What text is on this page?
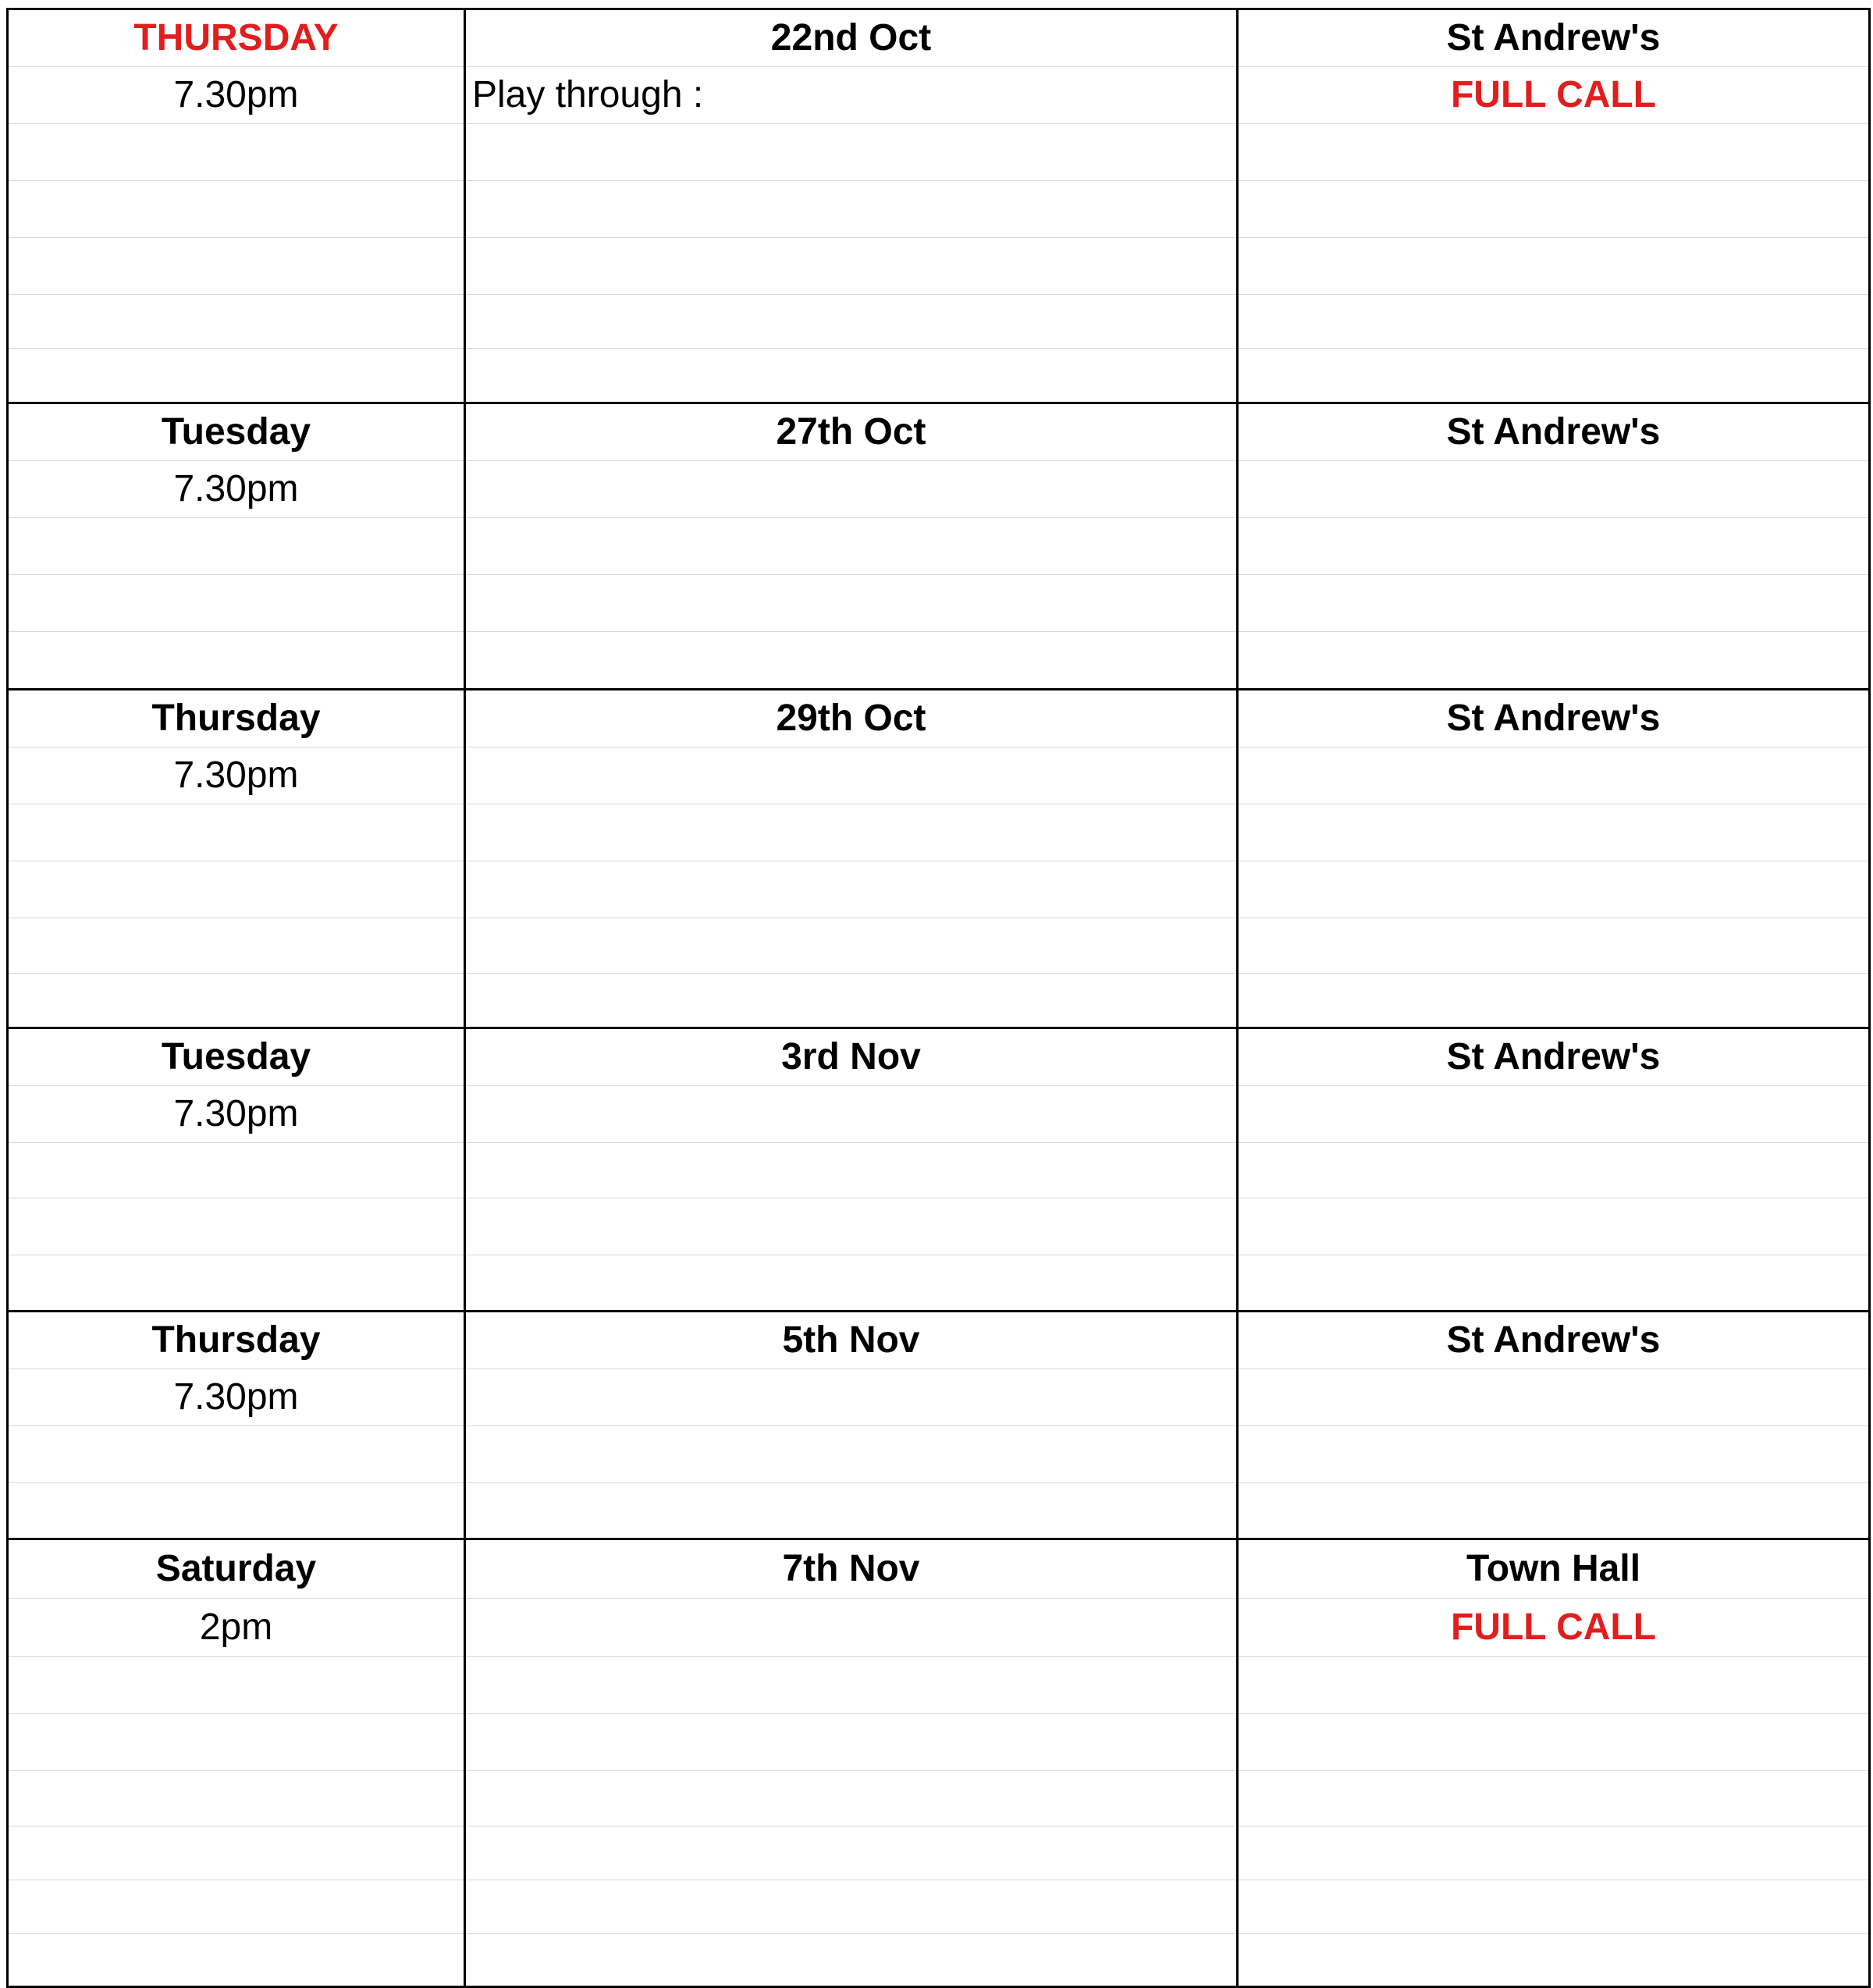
THURSDAY	22nd Oct	St Andrew's
7.30pm	Play through :	FULL CALL

Tuesday	27th Oct	St Andrew's
7.30pm		

Thursday	29th Oct	St Andrew's
7.30pm		

Tuesday	3rd Nov	St Andrew's
7.30pm		

Thursday	5th Nov	St Andrew's
7.30pm		

Saturday	7th Nov	Town Hall
2pm		FULL CALL
